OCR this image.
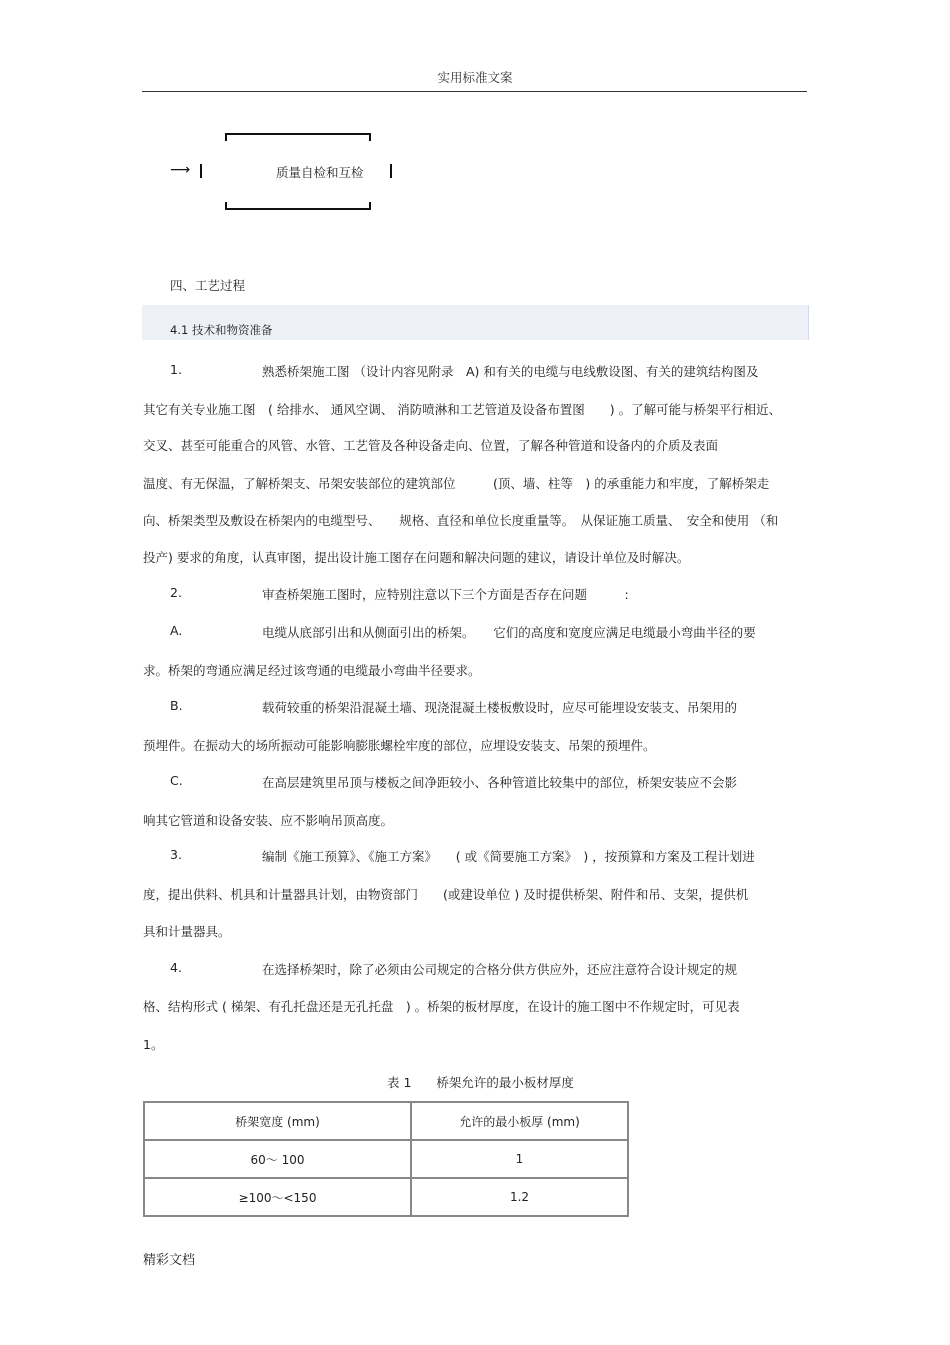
实用标准文案
⟶	质量自检和互检
四、工艺过程
4.1 技术和物资准备
1.	熟悉桥架施工图 （设计内容见附录　A) 和有关的电缆与电线敷设图、有关的建筑结构图及
其它有关专业施工图　( 给排水、 通风空调、 消防喷淋和工艺管道及设备布置图　　) 。了解可能与桥架平行相近、
交叉、甚至可能重合的风管、水管、工艺管及各种设备走向、位置，了解各种管道和设备内的介质及表面
温度、有无保温，了解桥架支、吊架安装部位的建筑部位　　　(顶、墙、柱等　) 的承重能力和牢度，了解桥架走
向、桥架类型及敷设在桥架内的电缆型号、　　规格、直径和单位长度重量等。　从保证施工质量、　安全和使用 （和
投产) 要求的角度，认真审图，提出设计施工图存在问题和解决问题的建议，请设计单位及时解决。
2.	审查桥架施工图时，应特别注意以下三个方面是否存在问题　　　:
A.	电缆从底部引出和从侧面引出的桥架。　　它们的高度和宽度应满足电缆最小弯曲半径的要
求。桥架的弯通应满足经过该弯通的电缆最小弯曲半径要求。
B.	载荷较重的桥架沿混凝土墙、现浇混凝土楼板敷设时，应尽可能埋设安装支、吊架用的
预埋件。在振动大的场所振动可能影响膨胀螺栓牢度的部位，应埋设安装支、吊架的预埋件。
C.	在高层建筑里吊顶与楼板之间净距较小、各种管道比较集中的部位，桥架安装应不会影
响其它管道和设备安装、应不影响吊顶高度。
3.	编制《施工预算》、《施工方案》　　( 或《简要施工方案》　) ，按预算和方案及工程计划进
度，提出供料、机具和计量器具计划，由物资部门　　(或建设单位 ) 及时提供桥架、附件和吊、支架，提供机
具和计量器具。
4.	在选择桥架时，除了必须由公司规定的合格分供方供应外，还应注意符合设计规定的规
格、结构形式 ( 梯架、有孔托盘还是无孔托盘　) 。桥架的板材厚度，在设计的施工图中不作规定时，可见表
1。
表 1　　桥架允许的最小板材厚度
桥架宽度 (mm)	允许的最小板厚 (mm)
60～ 100	1
≥100～<150	1.2
精彩文档
